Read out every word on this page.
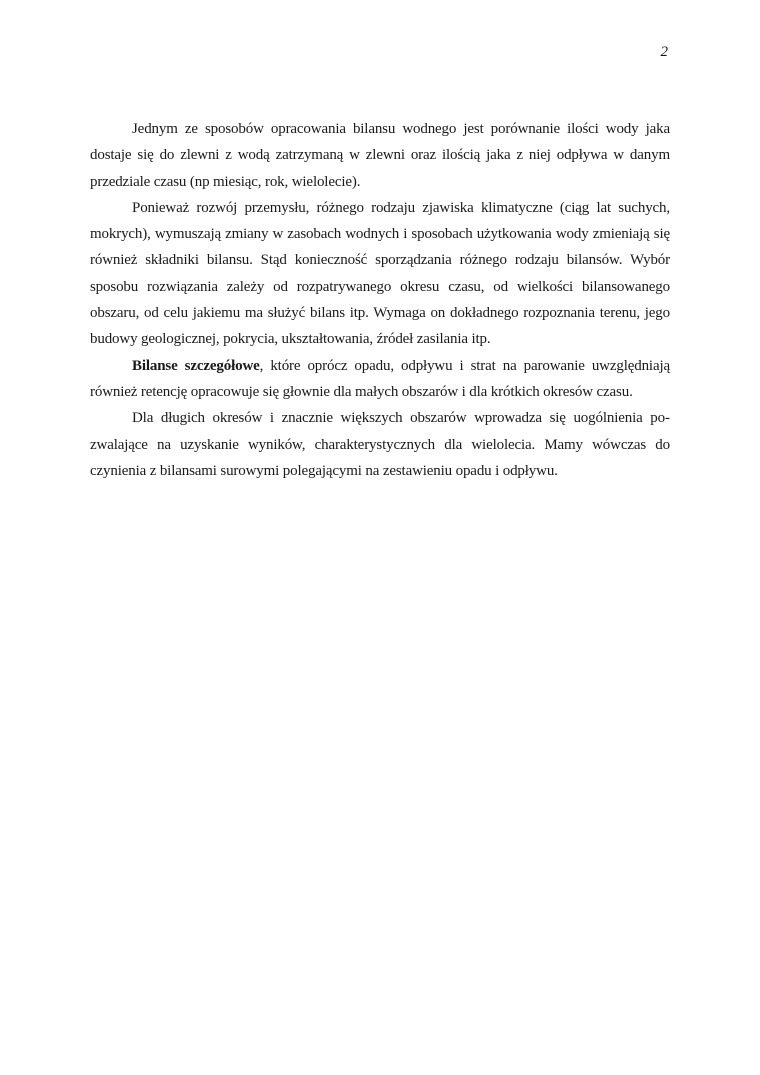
2

Jednym ze sposobów opracowania bilansu wodnego jest porównanie ilości wody jaka dostaje się do zlewni z wodą zatrzymaną w zlewni oraz ilością jaka z niej odpływa w danym przedziale czasu (np miesiąc, rok, wielolecie).

Ponieważ rozwój przemysłu, różnego rodzaju zjawiska klimatyczne (ciąg lat suchych, mokrych), wymuszają zmiany w zasobach wodnych i sposobach użytkowania wody zmieniają się również składniki bilansu. Stąd konieczność sporządzania różnego rodzaju bilansów. Wybór sposobu rozwiązania zależy od rozpatrywanego okresu czasu, od wielkości bilansowanego obszaru, od celu jakiemu ma służyć bilans itp. Wymaga on dokładnego rozpoznania terenu, jego budowy geologicznej, pokrycia, ukształtowania, źródeł zasilania itp.

Bilanse szczegółowe, które oprócz opadu, odpływu i strat na parowanie uwzględniają również retencję opracowuje się głownie dla małych obszarów i dla krótkich okresów czasu.

Dla długich okresów i znacznie większych obszarów wprowadza się uogólnienia pozwalające na uzyskanie wyników, charakterystycznych dla wielolecia. Mamy wówczas do czynienia z bilansami surowymi polegającymi na zestawieniu opadu i odpływu.
